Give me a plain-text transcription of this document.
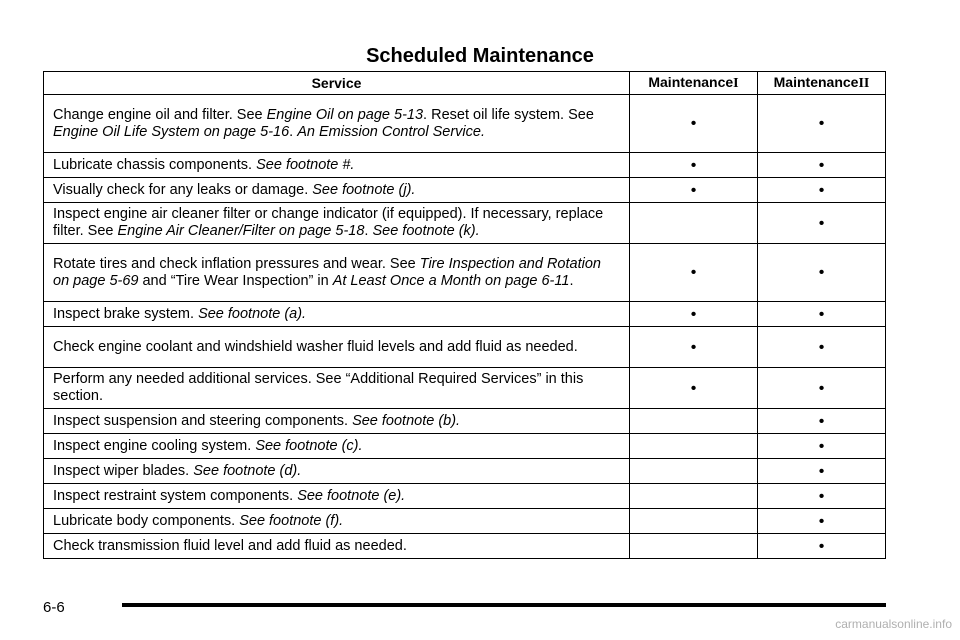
Scheduled Maintenance
Service	MaintenanceI	MaintenanceII
Change engine oil and filter. See Engine Oil on page 5-13. Reset oil life system. See Engine Oil Life System on page 5-16. An Emission Control Service.	•	•
Lubricate chassis components. See footnote #.	•	•
Visually check for any leaks or damage. See footnote (j).	•	•
Inspect engine air cleaner filter or change indicator (if equipped). If necessary, replace filter. See Engine Air Cleaner/Filter on page 5-18. See footnote (k).		•
Rotate tires and check inflation pressures and wear. See Tire Inspection and Rotation on page 5-69 and “Tire Wear Inspection” in At Least Once a Month on page 6-11.	•	•
Inspect brake system. See footnote (a).	•	•
Check engine coolant and windshield washer fluid levels and add fluid as needed.	•	•
Perform any needed additional services. See “Additional Required Services” in this section.	•	•
Inspect suspension and steering components. See footnote (b).		•
Inspect engine cooling system. See footnote (c).		•
Inspect wiper blades. See footnote (d).		•
Inspect restraint system components. See footnote (e).		•
Lubricate body components. See footnote (f).		•
Check transmission fluid level and add fluid as needed.		•
6-6
carmanualsonline.info
